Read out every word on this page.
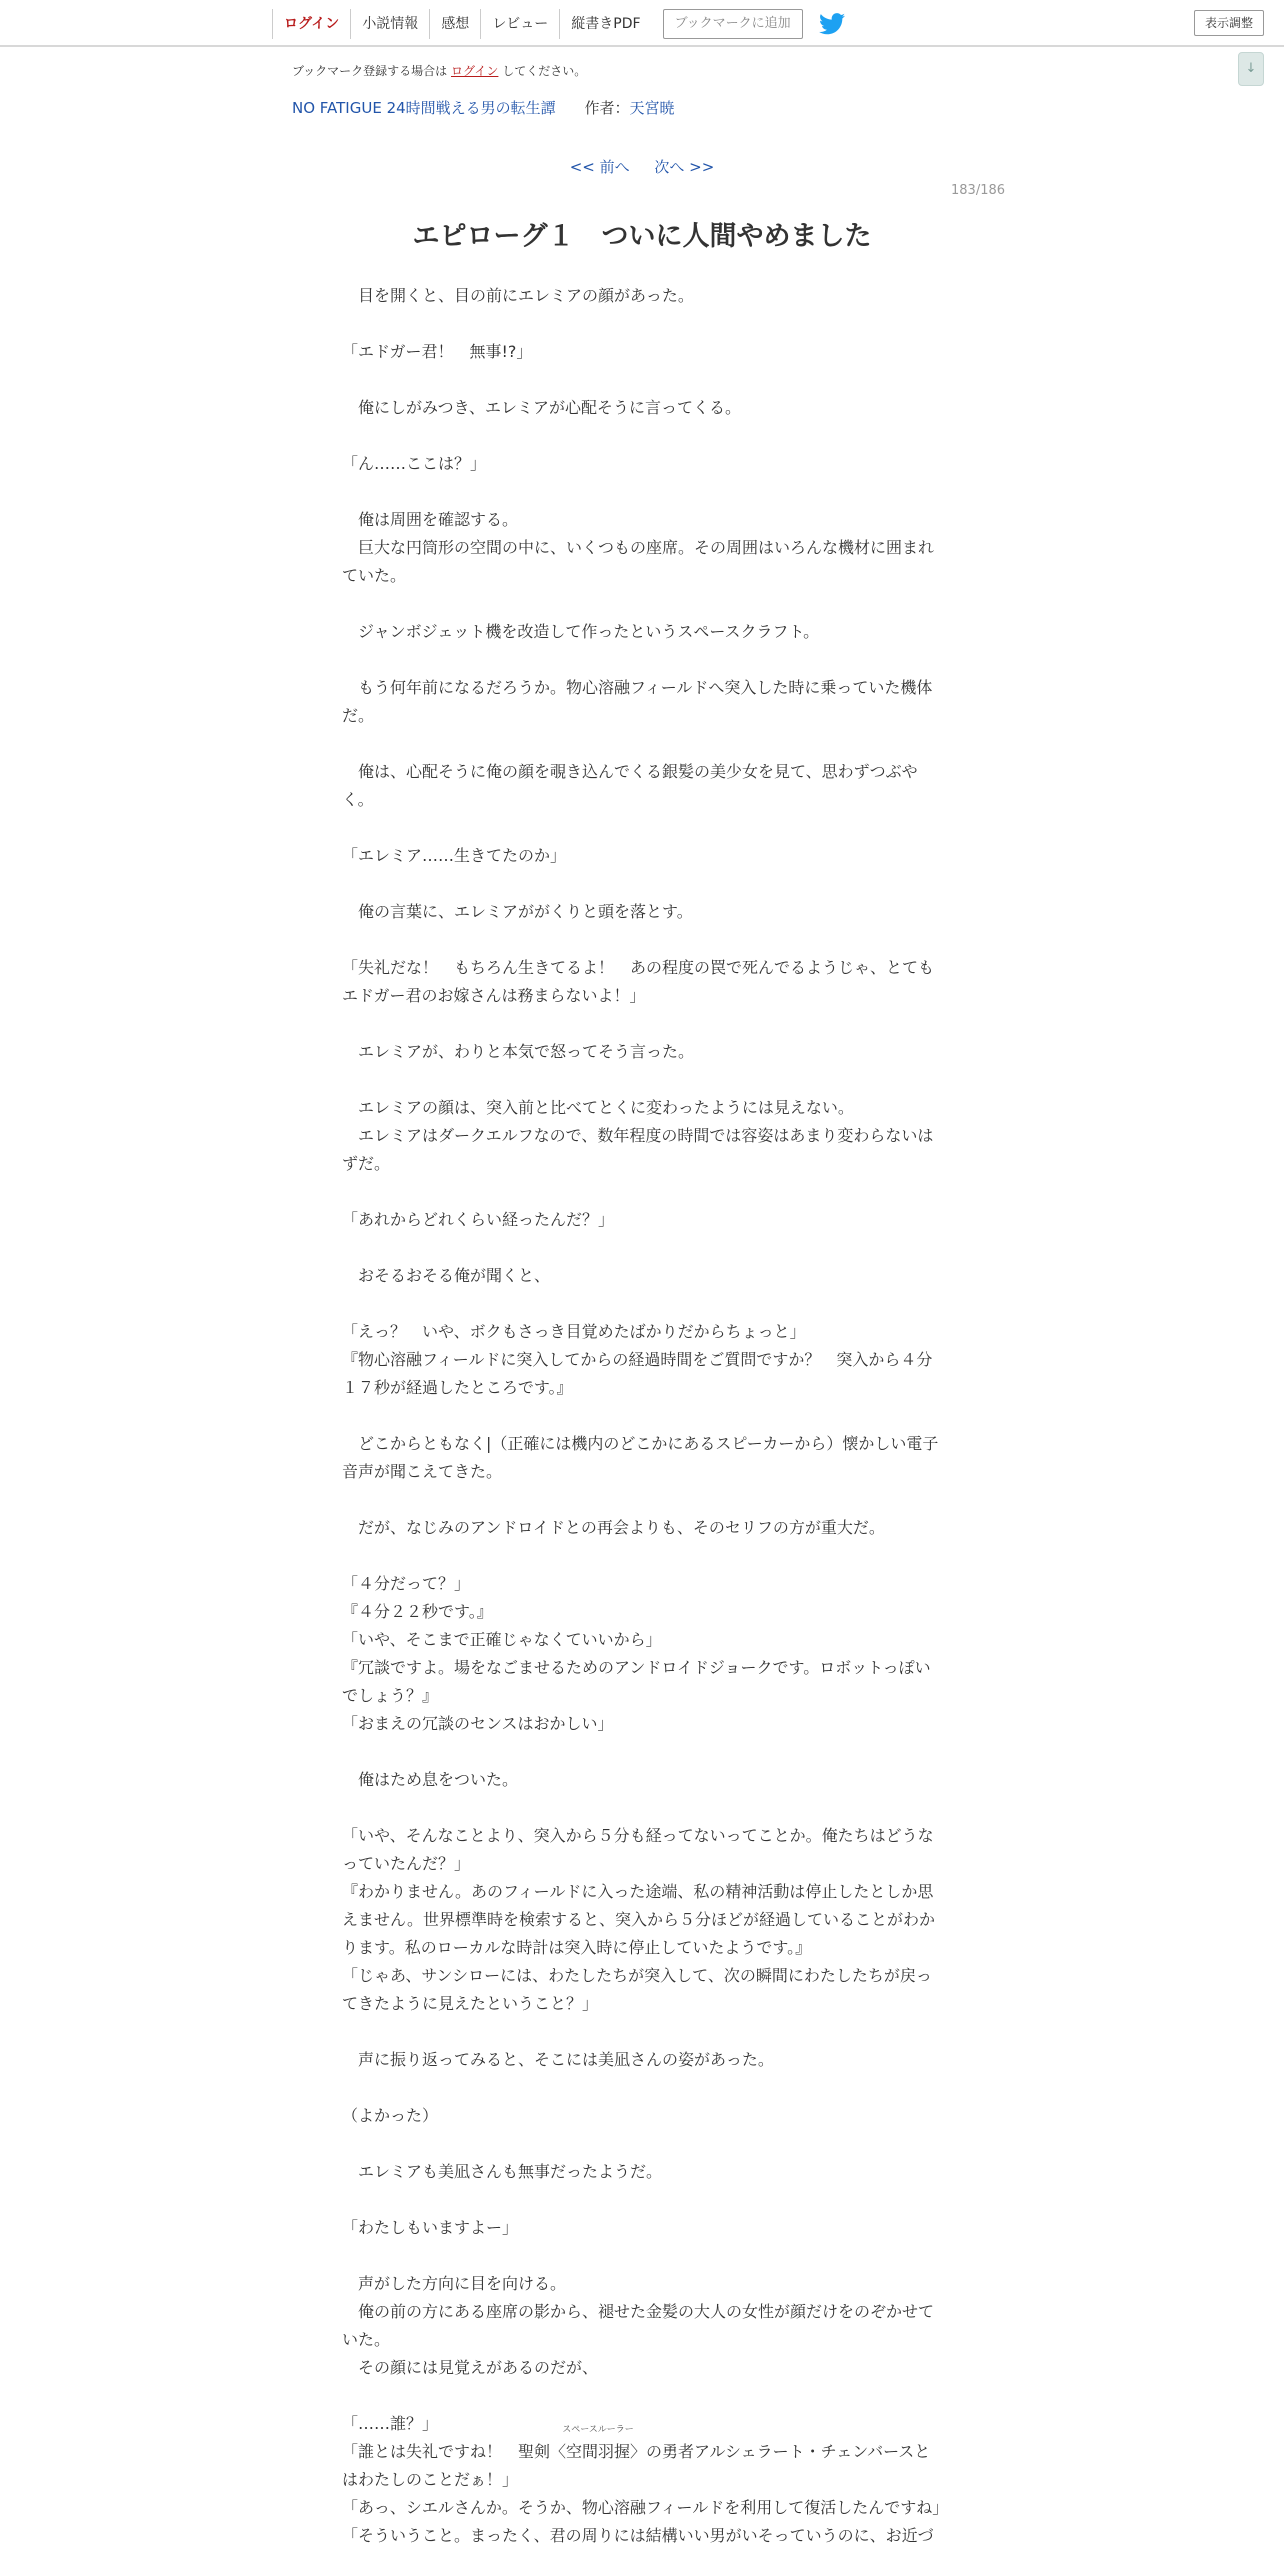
ログイン	小説情報	感想	レビュー	縦書きPDF	ブックマークに追加	表示調整
↓
ブックマーク登録する場合は ログイン してください。
NO FATIGUE 24時間戦える男の転生譚 作者：天宮暁
<< 前へ 次へ >>
183/186
エピローグ１　ついに人間やめました

　目を開くと、目の前にエレミアの顔があった。

「エドガー君！　無事!?」

　俺にしがみつき、エレミアが心配そうに言ってくる。

「ん……ここは？」

　俺は周囲を確認する。

　巨大な円筒形の空間の中に、いくつもの座席。その周囲はいろんな機材に囲まれていた。

　ジャンボジェット機を改造して作ったというスペースクラフト。

　もう何年前になるだろうか。物心溶融フィールドへ突入した時に乗っていた機体だ。

　俺は、心配そうに俺の顔を覗き込んでくる銀髪の美少女を見て、思わずつぶやく。

「エレミア……生きてたのか」

　俺の言葉に、エレミアががくりと頭を落とす。

「失礼だな！　もちろん生きてるよ！　あの程度の罠で死んでるようじゃ、とてもエドガー君のお嫁さんは務まらないよ！」

　エレミアが、わりと本気で怒ってそう言った。

　エレミアの顔は、突入前と比べてとくに変わったようには見えない。

　エレミアはダークエルフなので、数年程度の時間では容姿はあまり変わらないはずだ。

「あれからどれくらい経ったんだ？」

　おそるおそる俺が聞くと、

「えっ？　いや、ボクもさっき目覚めたばかりだからちょっと」

『物心溶融フィールドに突入してからの経過時間をご質問ですか？　突入から４分１７秒が経過したところです。』

　どこからともなく|（正確には機内のどこかにあるスピーカーから）懐かしい電子音声が聞こえてきた。

　だが、なじみのアンドロイドとの再会よりも、そのセリフの方が重大だ。

「４分だって？」

『４分２２秒です。』

「いや、そこまで正確じゃなくていいから」

『冗談ですよ。場をなごませるためのアンドロイドジョークです。ロボットっぽいでしょう？』

「おまえの冗談のセンスはおかしい」

　俺はため息をついた。

「いや、そんなことより、突入から５分も経ってないってことか。俺たちはどうなっていたんだ？」

『わかりません。あのフィールドに入った途端、私の精神活動は停止したとしか思えません。世界標準時を検索すると、突入から５分ほどが経過していることがわかります。私のローカルな時計は突入時に停止していたようです。』

「じゃあ、サンシローには、わたしたちが突入して、次の瞬間にわたしたちが戻ってきたように見えたということ？」

　声に振り返ってみると、そこには美凪さんの姿があった。

（よかった）

　エレミアも美凪さんも無事だったようだ。

「わたしもいますよー」

　声がした方向に目を向ける。

　俺の前の方にある座席の影から、褪せた金髪の大人の女性が顔だけをのぞかせていた。

　その顔には見覚えがあるのだが、

「……誰？」

「誰とは失礼ですね！　聖剣〈
スペースルーラー
空間羽握〉の勇者アルシェラート・チェンバースとはわたしのことだぁ！」

「あっ、シエルさんか。そうか、物心溶融フィールドを利用して復活したんですね」

「そういうこと。まったく、君の周りには結構いい男がいそっていうのに、お近づ
